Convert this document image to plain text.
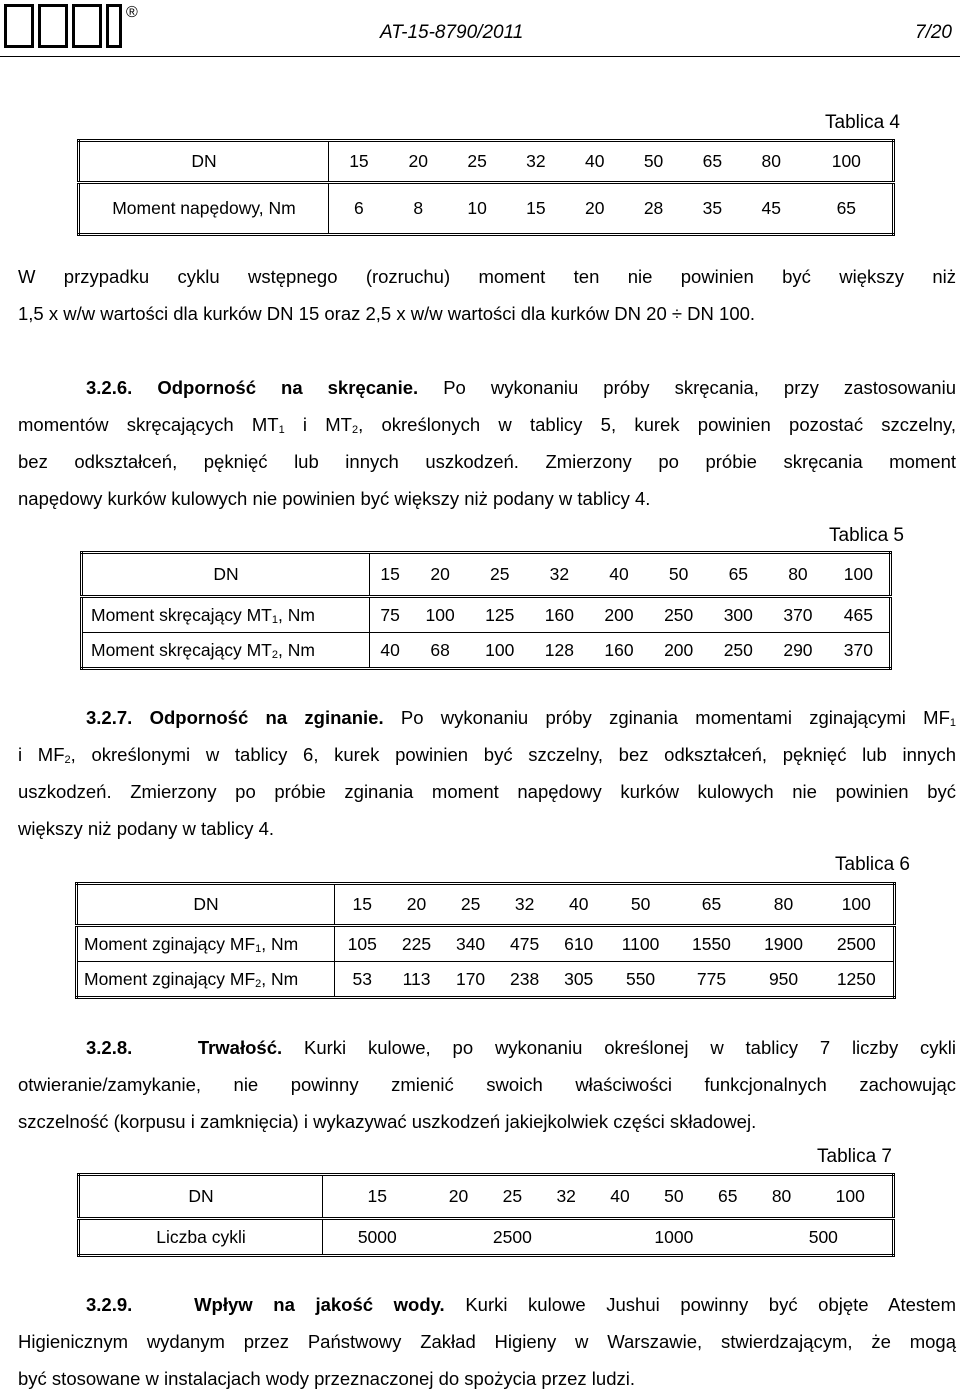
®
AT-15-8790/2011	7/20
Tablica 4
DN	15	20	25	32	40	50	65	80	100
Moment napędowy, Nm	6	8	10	15	20	28	35	45	65
W przypadku cyklu wstępnego (rozruchu) moment ten nie powinien być większy niż
1,5 x w/w wartości dla kurków DN 15 oraz 2,5 x w/w wartości dla kurków DN 20 ÷ DN 100.
3.2.6. Odporność na skręcanie. Po wykonaniu próby skręcania, przy zastosowaniu
momentów skręcających $MT_1$ i $MT_2$, określonych w tablicy 5, kurek powinien pozostać szczelny,
bez odkształceń, pęknięć lub innych uszkodzeń. Zmierzony po próbie skręcania moment
napędowy kurków kulowych nie powinien być większy niż podany w tablicy 4.
Tablica 5
DN	15	20	25	32	40	50	65	80	100
Moment skręcający $MT_1$, Nm	75	100	125	160	200	250	300	370	465
Moment skręcający $MT_2$, Nm	40	68	100	128	160	200	250	290	370
3.2.7. Odporność na zginanie. Po wykonaniu próby zginania momentami zginającymi $MF_1$
i $MF_2$, określonymi w tablicy 6, kurek powinien być szczelny, bez odkształceń, pęknięć lub innych
uszkodzeń. Zmierzony po próbie zginania moment napędowy kurków kulowych nie powinien być
większy niż podany w tablicy 4.
Tablica 6
DN	15	20	25	32	40	50	65	80	100
Moment zginający $MF_1$, Nm	105	225	340	475	610	1100	1550	1900	2500
Moment zginający $MF_2$, Nm	53	113	170	238	305	550	775	950	1250
3.2.8.	Trwałość. Kurki kulowe, po wykonaniu określonej w tablicy 7 liczby cykli
otwieranie/zamykanie, nie powinny zmienić swoich właściwości funkcjonalnych zachowując
szczelność (korpusu i zamknięcia) i wykazywać uszkodzeń jakiejkolwiek części składowej.
Tablica 7
DN	15	20	25	32	40	50	65	80	100
Liczba cykli	5000	2500			1000			500	
3.2.9.	Wpływ na jakość wody. Kurki kulowe Jushui powinny być objęte Atestem
Higienicznym wydanym przez Państwowy Zakład Higieny w Warszawie, stwierdzającym, że mogą
być stosowane w instalacjach wody przeznaczonej do spożycia przez ludzi.
